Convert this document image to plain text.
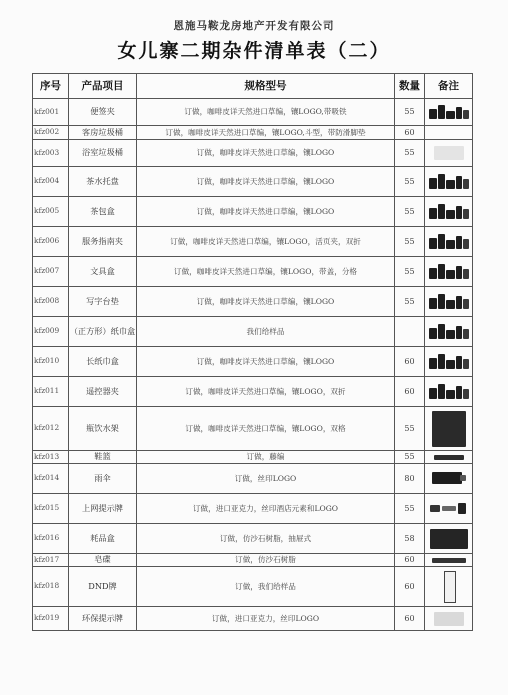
恩施马鞍龙房地产开发有限公司
女儿寨二期杂件清单表（二）
序号	产品项目	规格型号	数量	备注
kfz001	便签夹	订做，咖啡皮详天然进口草编，镶LOGO,带吸铁	55	

kfz002	客房垃圾桶	订做，咖啡皮详天然进口草编，镶LOGO,斗型，带防滑脚垫	60	

kfz003	浴室垃圾桶	订做，咖啡皮详天然进口草编，镶LOGO	55	

kfz004	茶水托盘	订做，咖啡皮详天然进口草编，镶LOGO	55	

kfz005	茶包盒	订做，咖啡皮详天然进口草编，镶LOGO	55	

kfz006	服务指南夹	订做，咖啡皮详天然进口草编，镶LOGO，活页夹，双折	55	

kfz007	文具盒	订做，咖啡皮详天然进口草编，镶LOGO，带盖，分格	55	

kfz008	写字台垫	订做，咖啡皮详天然进口草编，镶LOGO	55	

kfz009	（正方形）纸巾盒	我们给样品		

kfz010	长纸巾盒	订做，咖啡皮详天然进口草编，镶LOGO	60	

kfz011	遥控器夹	订做，咖啡皮详天然进口草编，镶LOGO，双折	60	

kfz012	瓶饮水架	订做，咖啡皮详天然进口草编，镶LOGO，双格	55	

kfz013	鞋篮	订做，藤编	55	

kfz014	雨伞	订做，丝印LOGO	80	

kfz015	上网提示牌	订做，进口亚克力，丝印酒店元素和LOGO	55	

kfz016	耗品盒	订做，仿沙石树脂，抽屉式	58	

kfz017	皂碟	订做，仿沙石树脂	60	

kfz018	DND牌	订做，我们给样品	60	

kfz019	环保提示牌	订做，进口亚克力，丝印LOGO	60	
